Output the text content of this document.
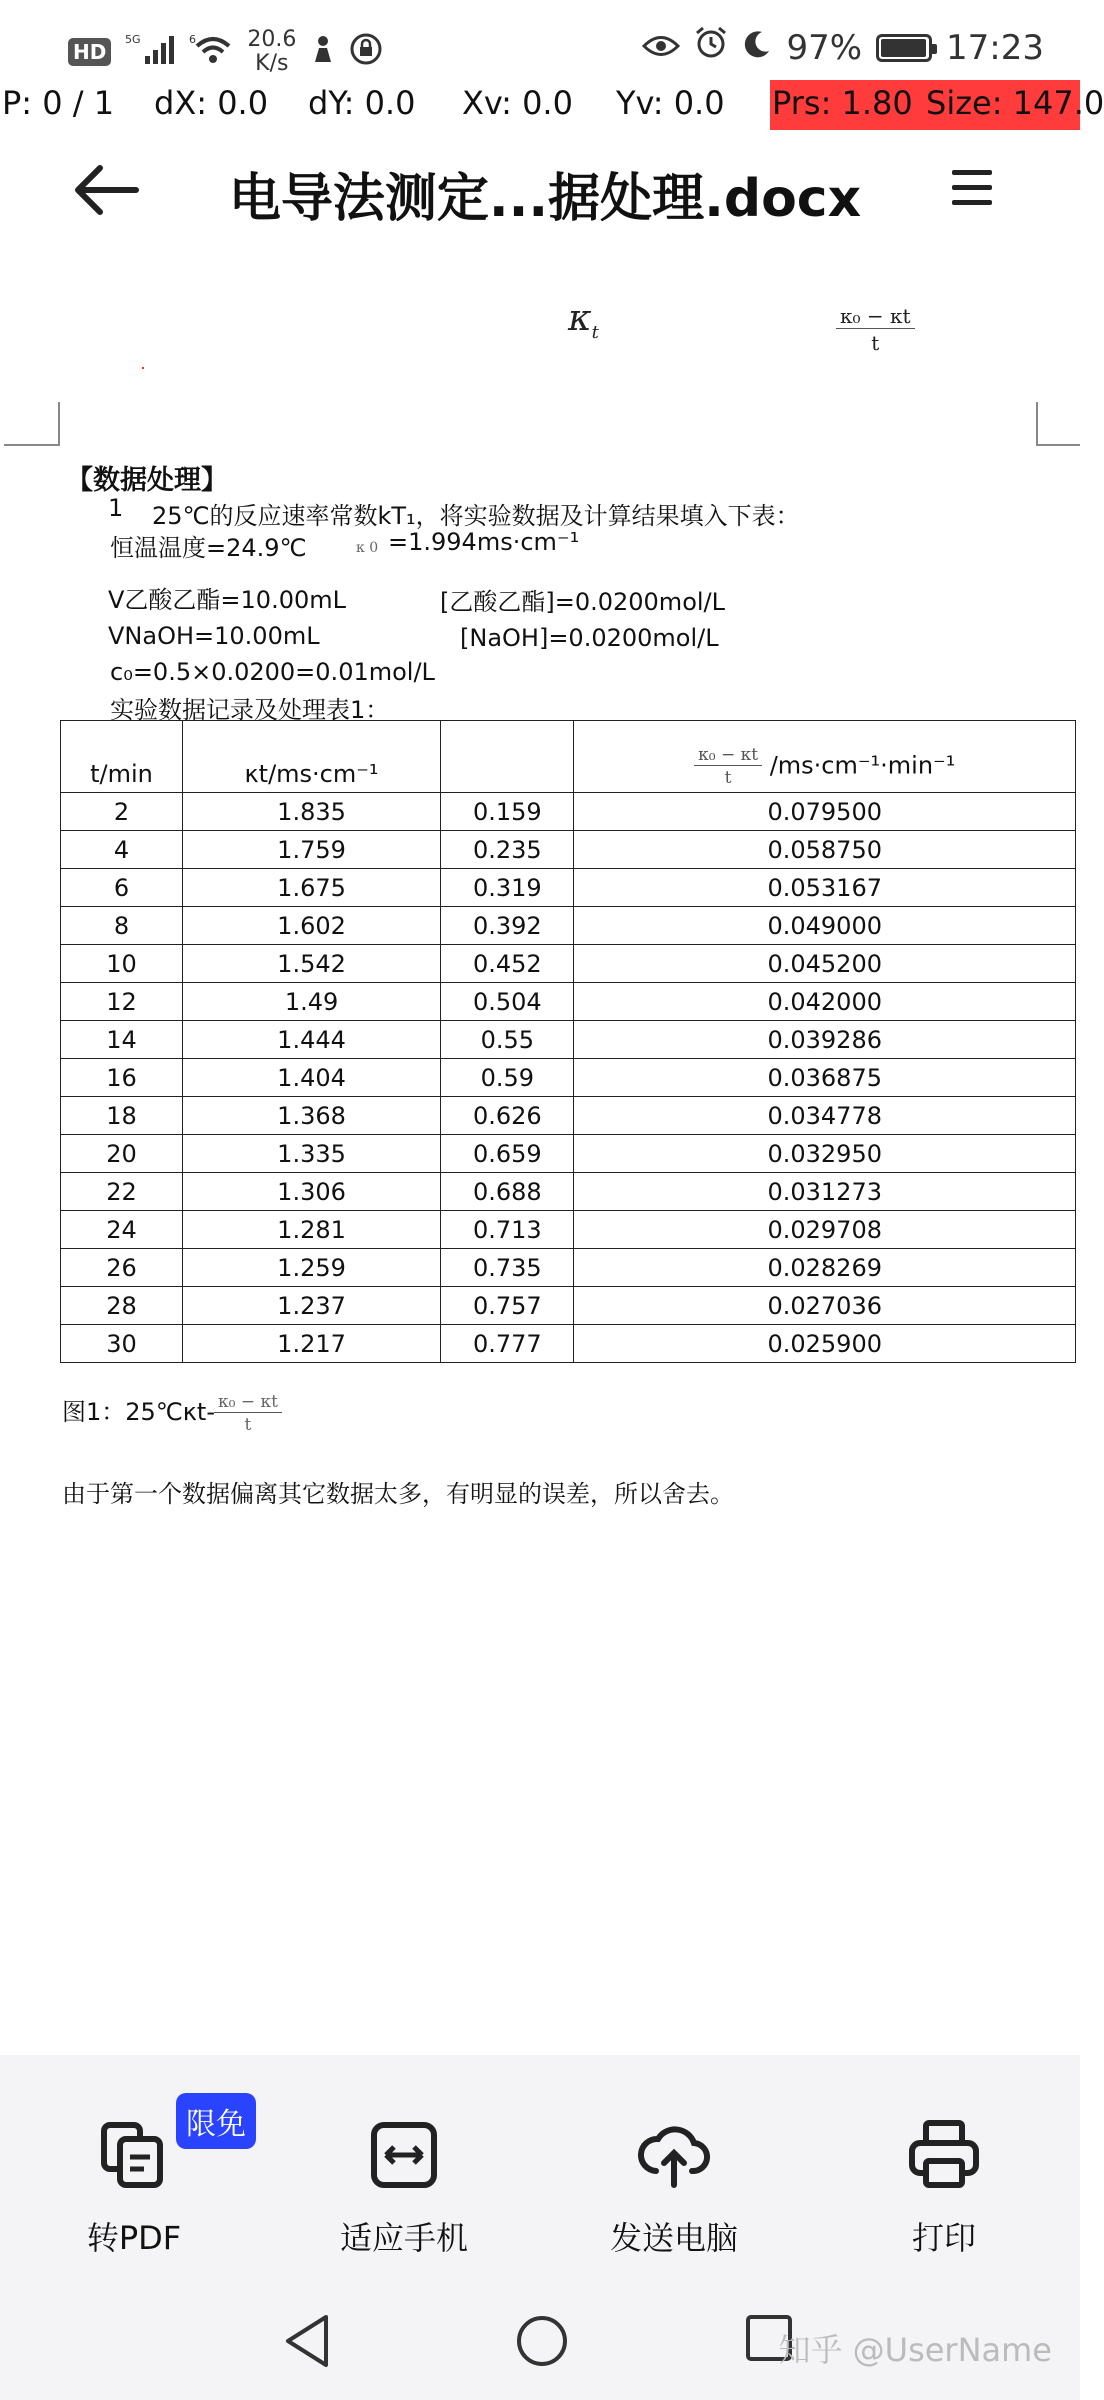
HD
5G	6 20.6
K/s	97% 17:23
P: 0 / 1 dX: 0.0 dY: 0.0 Xv: 0.0 Yv: 0.0 Prs: 1.80 Size: 147.0
电导法测定...据处理.docx
$\kappa_t$	$\frac{\text{κ₀ − κt}}{t}$
【数据处理】
1 25℃的反应速率常数kT₁，将实验数据及计算结果填入下表：
恒温温度=24.9℃	κ 0 =1.994ms·cm⁻¹
V乙酸乙酯=10.00mL	[乙酸乙酯]=0.0200mol/L
VNaOH=10.00mL	[NaOH]=0.0200mol/L
c₀=0.5×0.0200=0.01mol/L
实验数据记录及处理表1：
t/min	κt/ms·cm⁻¹		$\frac{\text{κ₀ − κt}}{t} /ms\cdot cm^{-1}\cdot\min^{-1}$
2	1.835	0.159	0.079500
4	1.759	0.235	0.058750
6	1.675	0.319	0.053167
8	1.602	0.392	0.049000
10	1.542	0.452	0.045200
12	1.49	0.504	0.042000
14	1.444	0.55	0.039286
16	1.404	0.59	0.036875
18	1.368	0.626	0.034778
20	1.335	0.659	0.032950
22	1.306	0.688	0.031273
24	1.281	0.713	0.029708
26	1.259	0.735	0.028269
28	1.237	0.757	0.027036
30	1.217	0.777	0.025900
图1：25℃κt- $\frac{\text{κ₀ − κt}}{t}$
由于第一个数据偏离其它数据太多，有明显的误差，所以舍去。
转PDF
限免
适应手机	发送电脑	打印
知乎 @UserName
